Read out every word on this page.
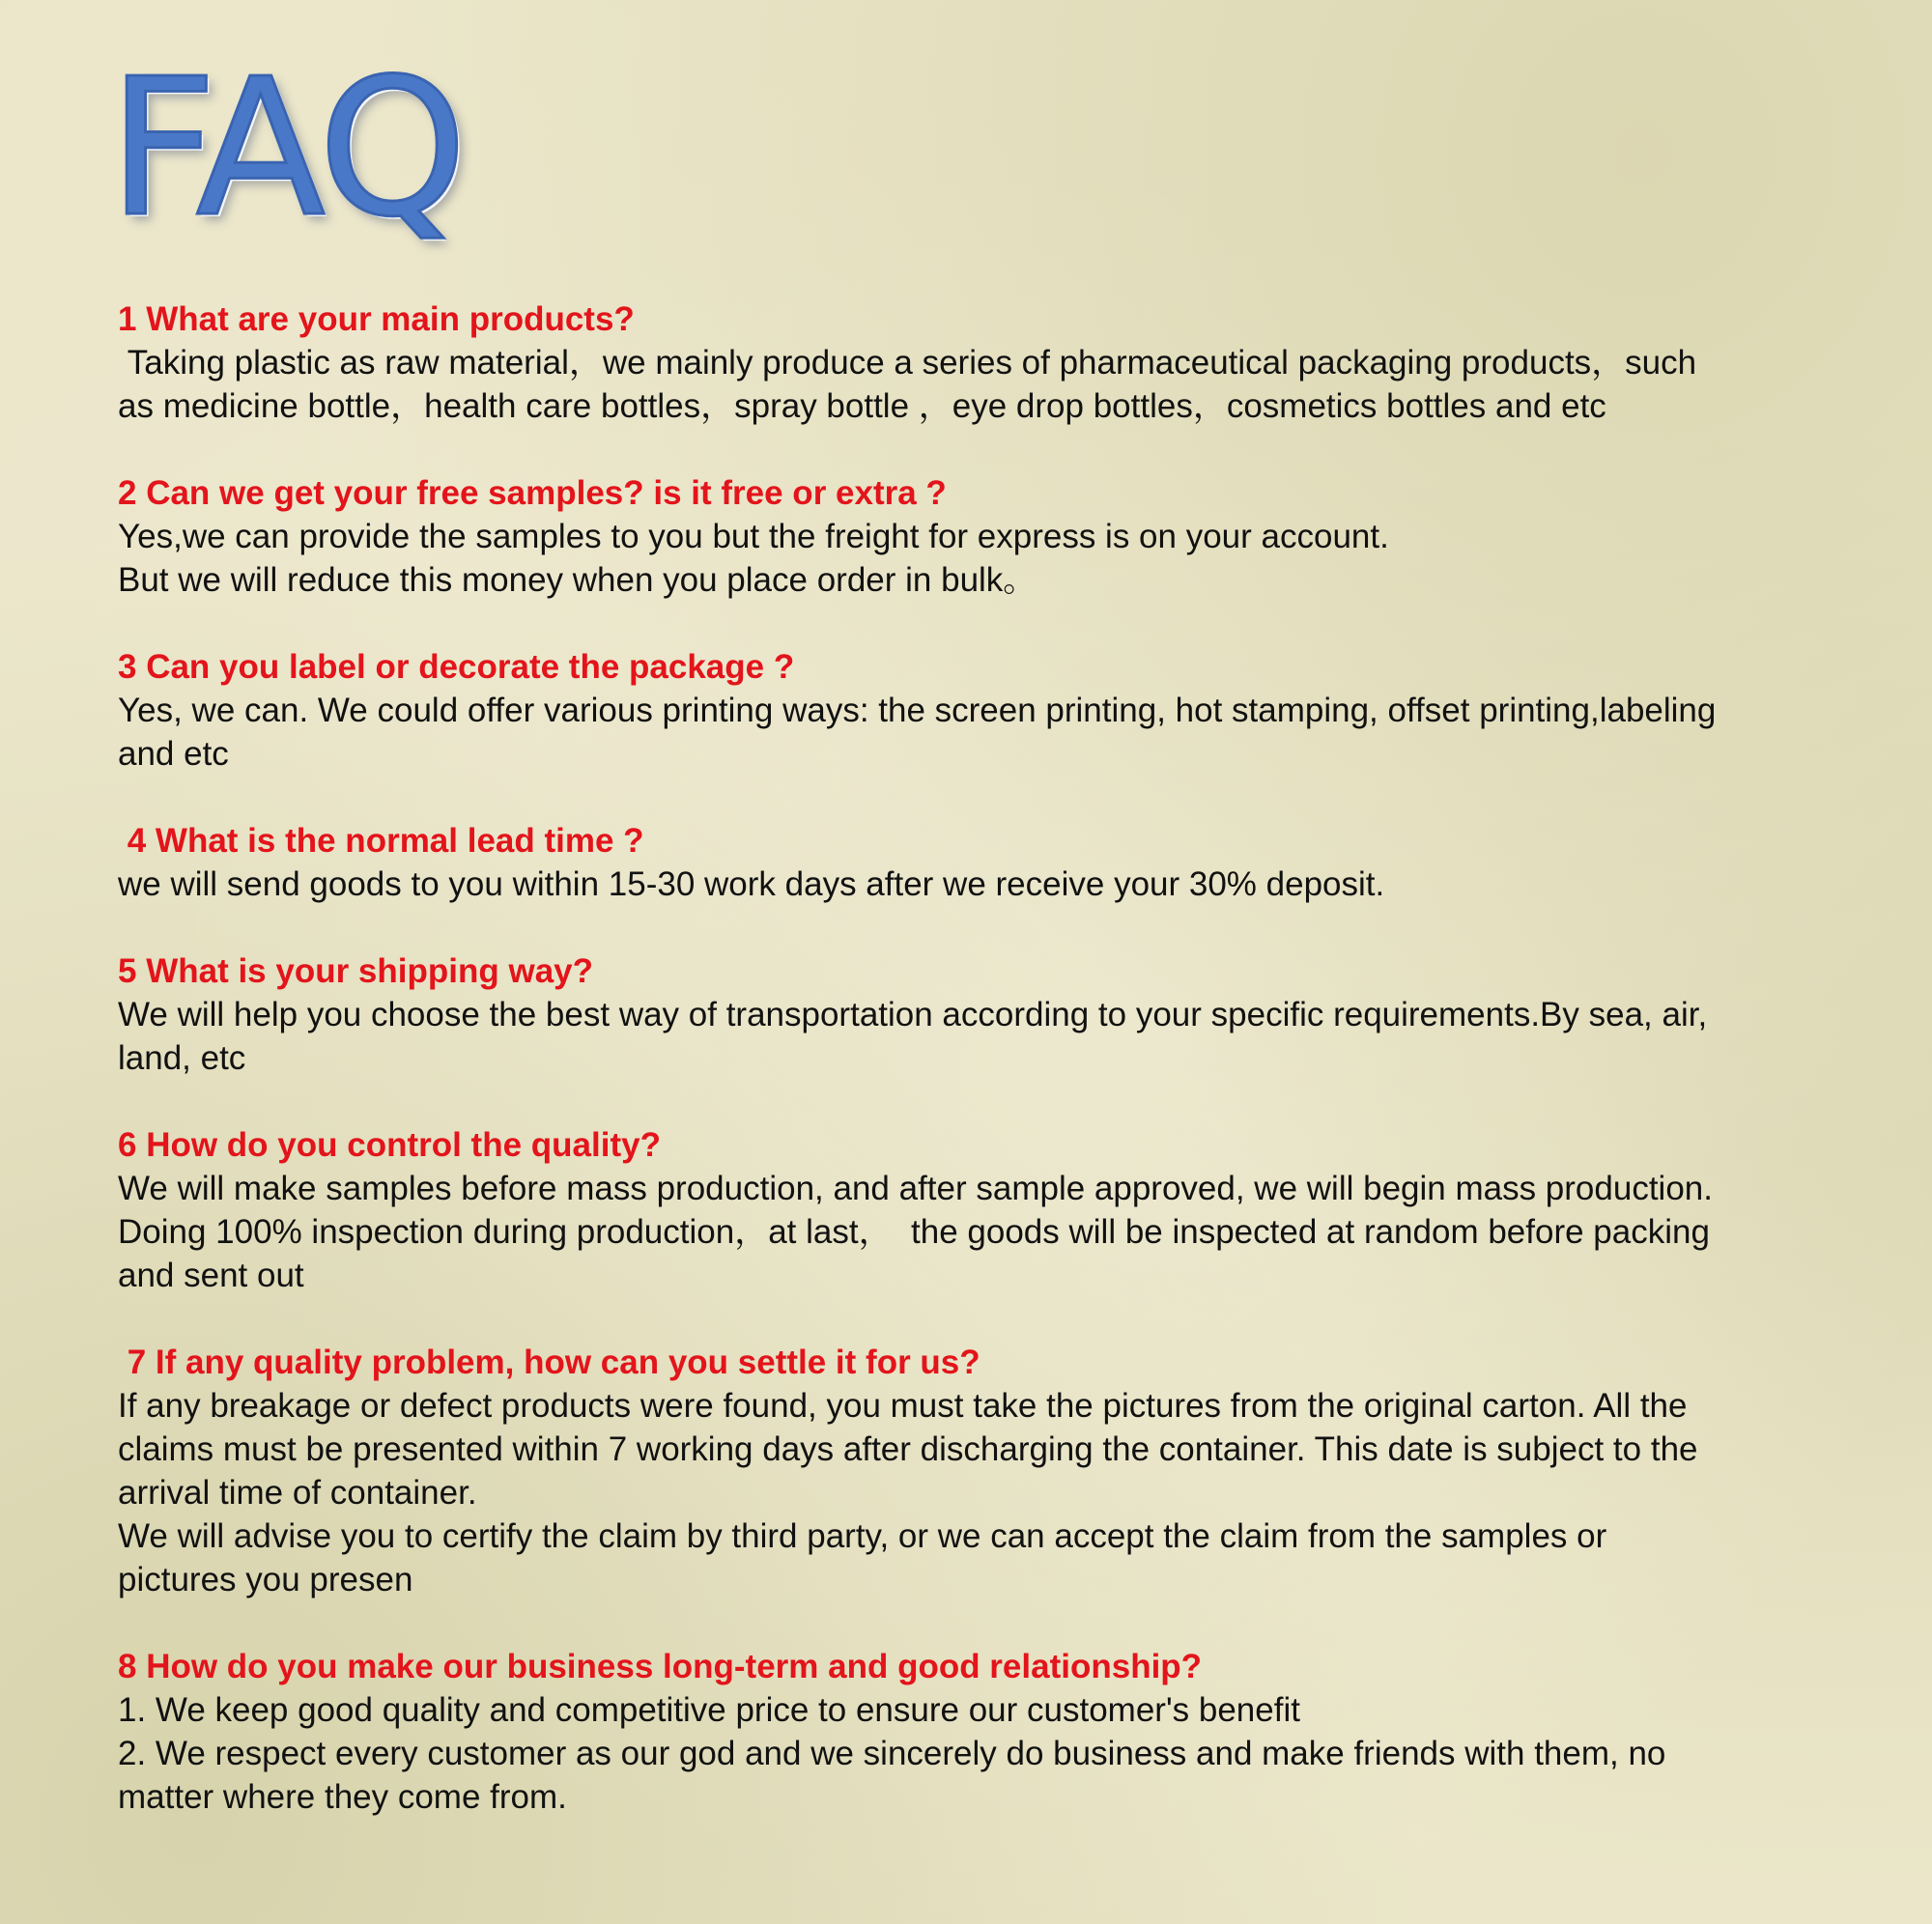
FAQ

1 What are your main products?

Taking plastic as raw material，we mainly produce a series of pharmaceutical packaging products，such

as medicine bottle，health care bottles，spray bottle ，eye drop bottles，cosmetics bottles and etc

2 Can we get your free samples? is it free or extra ?

Yes,we can provide the samples to you but the freight for express is on your account.

But we will reduce this money when you place order in bulk。

3 Can you label or decorate the package ?

Yes, we can. We could offer various printing ways: the screen printing, hot stamping, offset printing,labeling

and etc

4 What is the normal lead time ?

we will send goods to you within 15-30 work days after we receive your 30% deposit.

5 What is your shipping way?

We will help you choose the best way of transportation according to your specific requirements.By sea, air,

land, etc

6 How do you control the quality?

We will make samples before mass production, and after sample approved, we will begin mass production.

Doing 100% inspection during production，at last，  the goods will be inspected at random before packing

and sent out

7 If any quality problem, how can you settle it for us?

If any breakage or defect products were found, you must take the pictures from the original carton. All the

claims must be presented within 7 working days after discharging the container. This date is subject to the

arrival time of container.

We will advise you to certify the claim by third party, or we can accept the claim from the samples or

pictures you presen

8 How do you make our business long-term and good relationship?

1. We keep good quality and competitive price to ensure our customer's benefit

2. We respect every customer as our god and we sincerely do business and make friends with them, no

matter where they come from.
